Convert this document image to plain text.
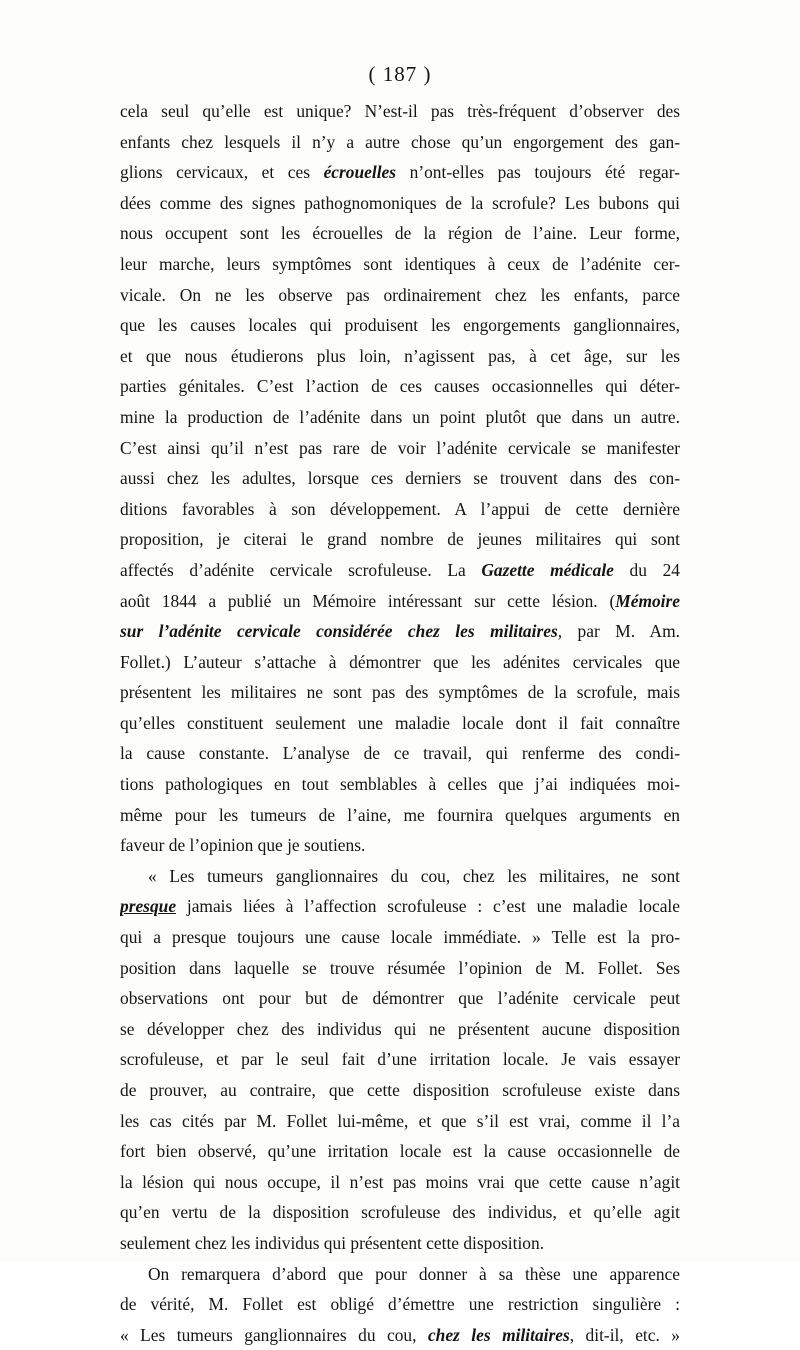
( 187 )
cela seul qu’elle est unique? N’est-il pas très-fréquent d’observer des
enfants chez lesquels il n’y a autre chose qu’un engorgement des gan-
glions cervicaux, et ces écrouelles n’ont-elles pas toujours été regar-
dées comme des signes pathognomoniques de la scrofule? Les bubons qui
nous occupent sont les écrouelles de la région de l’aine. Leur forme,
leur marche, leurs symptômes sont identiques à ceux de l’adénite cer-
vicale. On ne les observe pas ordinairement chez les enfants, parce
que les causes locales qui produisent les engorgements ganglionnaires,
et que nous étudierons plus loin, n’agissent pas, à cet âge, sur les
parties génitales. C’est l’action de ces causes occasionnelles qui déter-
mine la production de l’adénite dans un point plutôt que dans un autre.
C’est ainsi qu’il n’est pas rare de voir l’adénite cervicale se manifester
aussi chez les adultes, lorsque ces derniers se trouvent dans des con-
ditions favorables à son développement. A l’appui de cette dernière
proposition, je citerai le grand nombre de jeunes militaires qui sont
affectés d’adénite cervicale scrofuleuse. La Gazette médicale du 24
août 1844 a publié un Mémoire intéressant sur cette lésion. (Mémoire
sur l’adénite cervicale considérée chez les militaires, par M. Am.
Follet.) L’auteur s’attache à démontrer que les adénites cervicales que
présentent les militaires ne sont pas des symptômes de la scrofule, mais
qu’elles constituent seulement une maladie locale dont il fait connaître
la cause constante. L’analyse de ce travail, qui renferme des condi-
tions pathologiques en tout semblables à celles que j’ai indiquées moi-
même pour les tumeurs de l’aine, me fournira quelques arguments en
faveur de l’opinion que je soutiens.
« Les tumeurs ganglionnaires du cou, chez les militaires, ne sont
presque jamais liées à l’affection scrofuleuse : c’est une maladie locale
qui a presque toujours une cause locale immédiate. » Telle est la pro-
position dans laquelle se trouve résumée l’opinion de M. Follet. Ses
observations ont pour but de démontrer que l’adénite cervicale peut
se développer chez des individus qui ne présentent aucune disposition
scrofuleuse, et par le seul fait d’une irritation locale. Je vais essayer
de prouver, au contraire, que cette disposition scrofuleuse existe dans
les cas cités par M. Follet lui-même, et que s’il est vrai, comme il l’a
fort bien observé, qu’une irritation locale est la cause occasionnelle de
la lésion qui nous occupe, il n’est pas moins vrai que cette cause n’agit
qu’en vertu de la disposition scrofuleuse des individus, et qu’elle agit
seulement chez les individus qui présentent cette disposition.
On remarquera d’abord que pour donner à sa thèse une apparence
de vérité, M. Follet est obligé d’émettre une restriction singulière :
« Les tumeurs ganglionnaires du cou, chez les militaires, dit-il, etc. »
